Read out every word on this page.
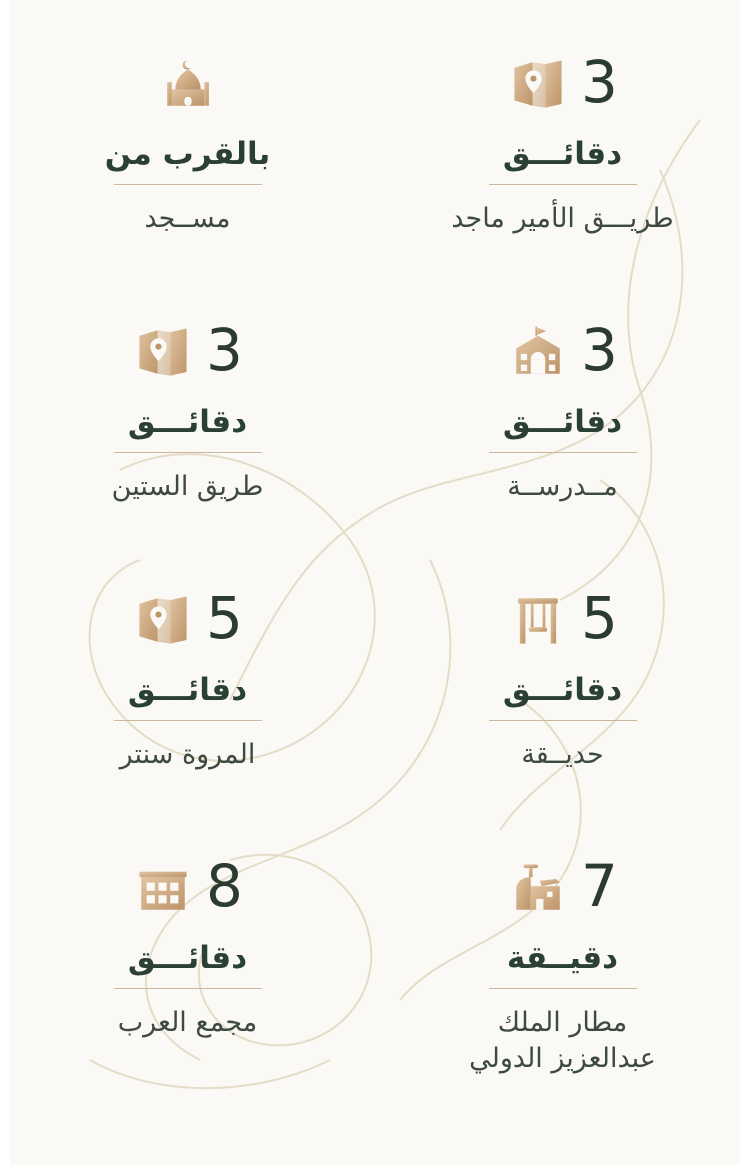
3
دقائـــق
طريـــق الأمير ماجد
بالقرب من
مســجد
3
دقائـــق
مــدرســة
3
دقائـــق
طريق الستين
5
دقائـــق
حديــقة
5
دقائـــق
المروة سنتر
7
دقيــقة
مطار الملك عبدالعزيز الدولي
8
دقائـــق
مجمع العرب
